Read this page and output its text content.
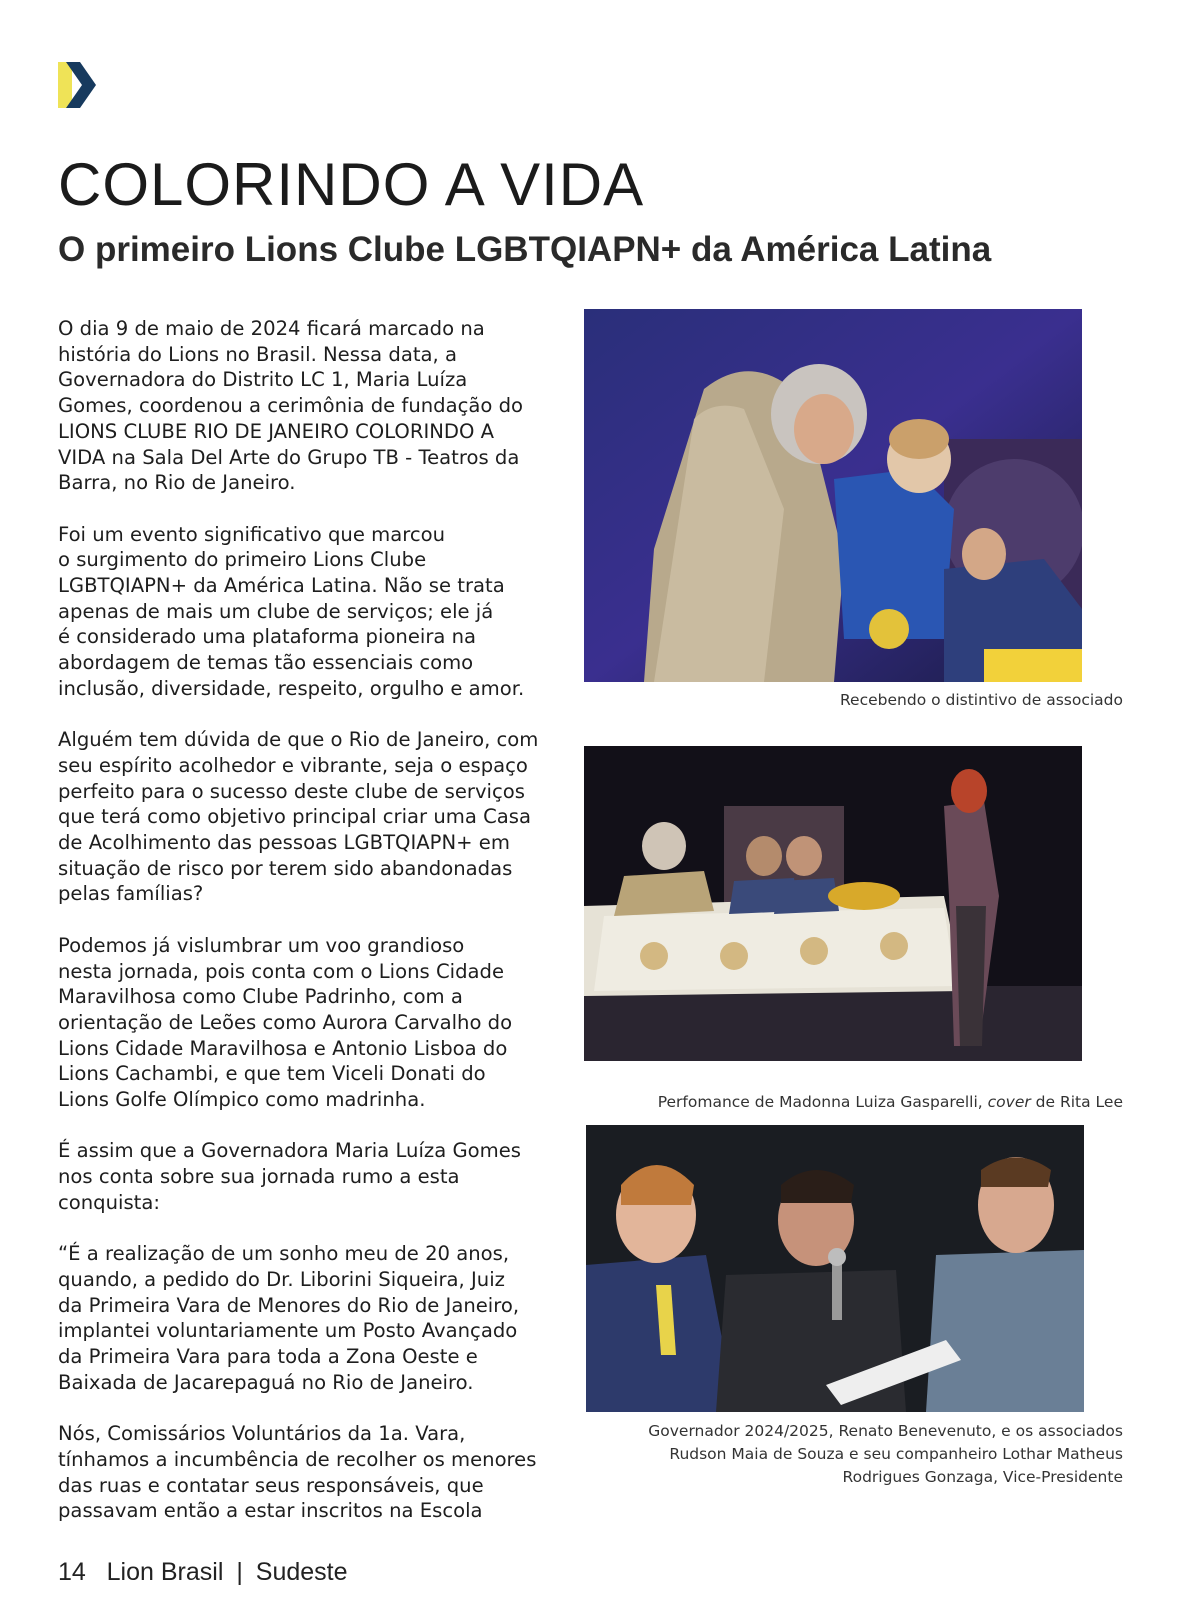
COLORINDO A VIDA
O primeiro Lions Clube LGBTQIAPN+ da América Latina

O dia 9 de maio de 2024 ficará marcado na
história do Lions no Brasil. Nessa data, a
Governadora do Distrito LC 1, Maria Luíza
Gomes, coordenou a cerimônia de fundação do
LIONS CLUBE RIO DE JANEIRO COLORINDO A
VIDA na Sala Del Arte do Grupo TB - Teatros da
Barra, no Rio de Janeiro.

Foi um evento significativo que marcou
o surgimento do primeiro Lions Clube
LGBTQIAPN+ da América Latina. Não se trata
apenas de mais um clube de serviços; ele já
é considerado uma plataforma pioneira na
abordagem de temas tão essenciais como
inclusão, diversidade, respeito, orgulho e amor.

Alguém tem dúvida de que o Rio de Janeiro, com
seu espírito acolhedor e vibrante, seja o espaço
perfeito para o sucesso deste clube de serviços
que terá como objetivo principal criar uma Casa
de Acolhimento das pessoas LGBTQIAPN+ em
situação de risco por terem sido abandonadas
pelas famílias?

Podemos já vislumbrar um voo grandioso
nesta jornada, pois conta com o Lions Cidade
Maravilhosa como Clube Padrinho, com a
orientação de Leões como Aurora Carvalho do
Lions Cidade Maravilhosa e Antonio Lisboa do
Lions Cachambi, e que tem Viceli Donati do
Lions Golfe Olímpico como madrinha.

É assim que a Governadora Maria Luíza Gomes
nos conta sobre sua jornada rumo a esta
conquista:

“É a realização de um sonho meu de 20 anos,
quando, a pedido do Dr. Liborini Siqueira, Juiz
da Primeira Vara de Menores do Rio de Janeiro,
implantei voluntariamente um Posto Avançado
da Primeira Vara para toda a Zona Oeste e
Baixada de Jacarepaguá no Rio de Janeiro.

Nós, Comissários Voluntários da 1a. Vara,
tínhamos a incumbência de recolher os menores
das ruas e contatar seus responsáveis, que
passavam então a estar inscritos na Escola

Recebendo o distintivo de associado

Perfomance de Madonna Luiza Gasparelli, cover de Rita Lee

Governador 2024/2025, Renato Benevenuto, e os associados
Rudson Maia de Souza e seu companheiro Lothar Matheus
Rodrigues Gonzaga, Vice-Presidente
14 Lion Brasil | Sudeste
